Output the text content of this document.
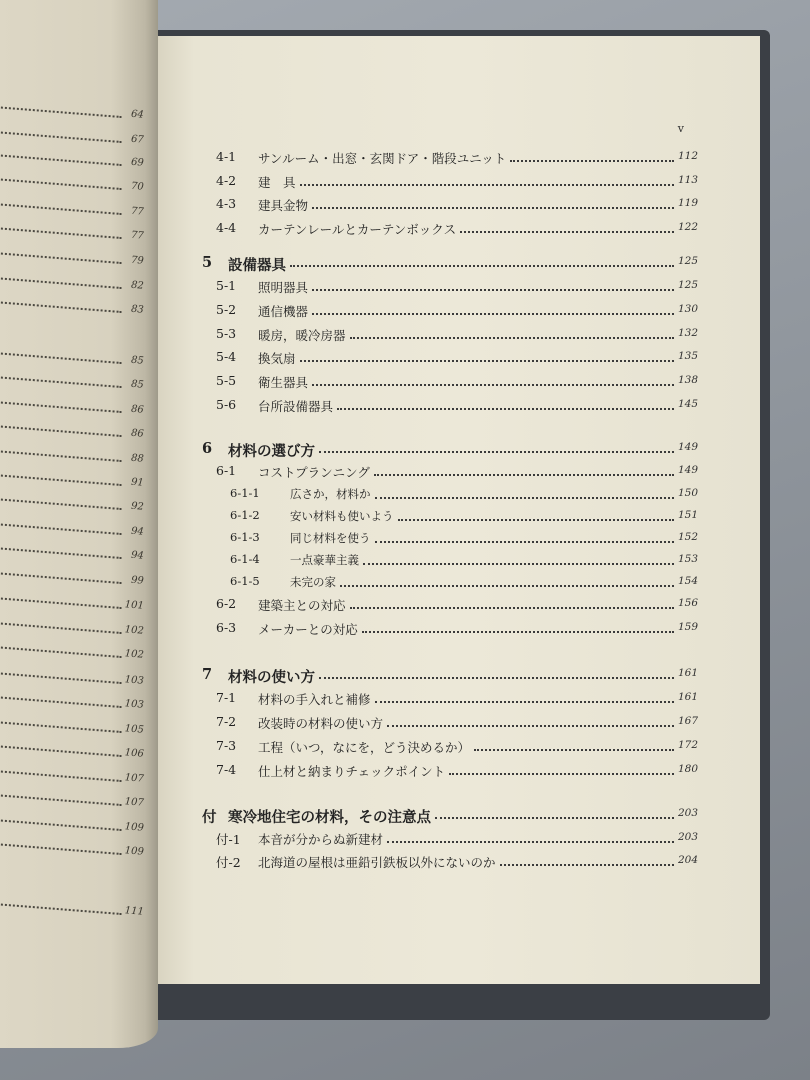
64
67
69
70
77
77
79
82
83
85
85
86
86
88
91
92
94
94
99
101
102
102
103
103
105
106
107
107
109
109
111
v
4-1 サンルーム・出窓・玄関ドア・階段ユニット	112
4-2 建　具	113
4-3 建具金物	119
4-4 カーテンレールとカーテンボックス	122
5 設備器具	125
5-1 照明器具	125
5-2 通信機器	130
5-3 暖房，暖冷房器	132
5-4 換気扇	135
5-5 衛生器具	138
5-6 台所設備器具	145
6 材料の選び方	149
6-1 コストプランニング	149
6-1-1	広さか，材料か	150
6-1-2	安い材料も使いよう	151
6-1-3	同じ材料を使う	152
6-1-4	一点豪華主義	153
6-1-5	未完の家	154
6-2 建築主との対応	156
6-3 メーカーとの対応	159
7 材料の使い方	161
7-1 材料の手入れと補修	161
7-2 改装時の材料の使い方	167
7-3 工程（いつ，なにを，どう決めるか）	172
7-4 仕上材と納まりチェックポイント	180
付 寒冷地住宅の材料，その注意点	203
付-1 本音が分からぬ新建材	203
付-2 北海道の屋根は亜鉛引鉄板以外にないのか	204
